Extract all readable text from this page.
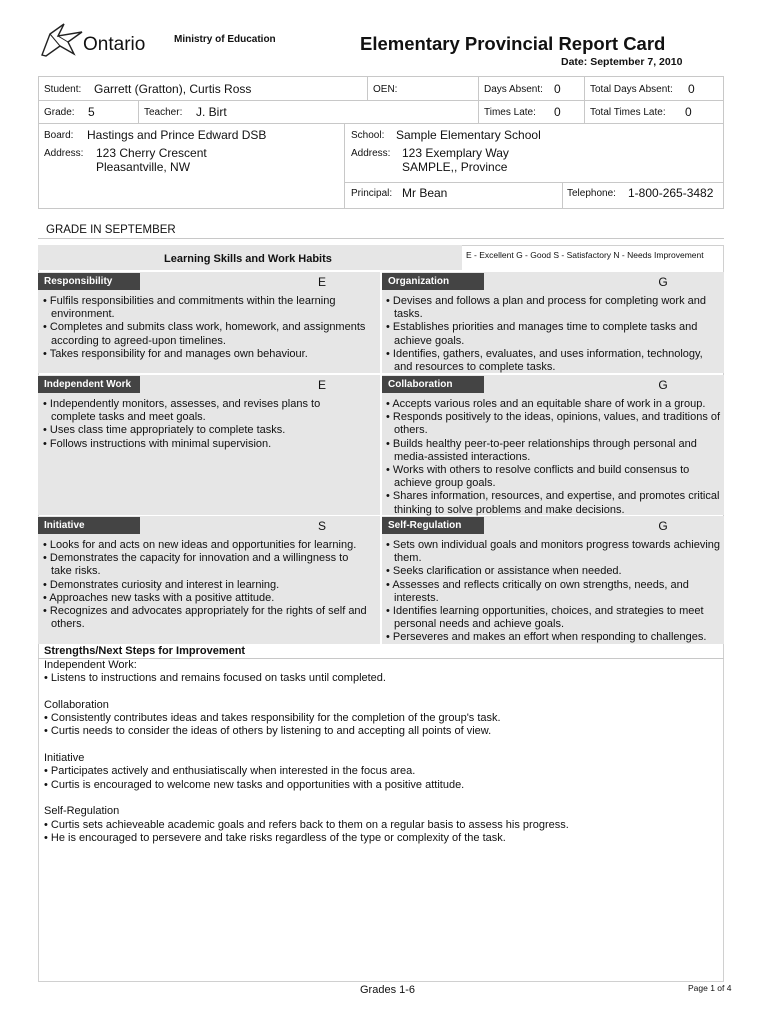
Ontario	Ministry of Education	Elementary Provincial Report Card
Date: September 7, 2010
Student: Garrett (Gratton), Curtis Ross	OEN:	Days Absent: 0	Total Days Absent: 0
Grade: 5	Teacher: J. Birt	Times Late: 0	Total Times Late: 0
Board: Hastings and Prince Edward DSB	School: Sample Elementary School
Address: 123 Cherry Crescent
Pleasantville, NW
Address: 123 Exemplary Way
SAMPLE,, Province
Principal: Mr Bean	Telephone: 1-800-265-3482
GRADE IN SEPTEMBER
Learning Skills and Work Habits	E - Excellent G - Good S - Satisfactory N - Needs Improvement
Responsibility	E	Organization	G
• Fulfils responsibilities and commitments within the learning environment.
• Completes and submits class work, homework, and assignments according to agreed-upon timelines.
• Takes responsibility for and manages own behaviour.
• Devises and follows a plan and process for completing work and tasks.
• Establishes priorities and manages time to complete tasks and achieve goals.
• Identifies, gathers, evaluates, and uses information, technology, and resources to complete tasks.
Independent Work	E	Collaboration	G
• Independently monitors, assesses, and revises plans to complete tasks and meet goals.
• Uses class time appropriately to complete tasks.
• Follows instructions with minimal supervision.
• Accepts various roles and an equitable share of work in a group.
• Responds positively to the ideas, opinions, values, and traditions of others.
• Builds healthy peer-to-peer relationships through personal and media-assisted interactions.
• Works with others to resolve conflicts and build consensus to achieve group goals.
• Shares information, resources, and expertise, and promotes critical thinking to solve problems and make decisions.
Initiative	S	Self-Regulation	G
• Looks for and acts on new ideas and opportunities for learning.
• Demonstrates the capacity for innovation and a willingness to take risks.
• Demonstrates curiosity and interest in learning.
• Approaches new tasks with a positive attitude.
• Recognizes and advocates appropriately for the rights of self and others.
• Sets own individual goals and monitors progress towards achieving them.
• Seeks clarification or assistance when needed.
• Assesses and reflects critically on own strengths, needs, and interests.
• Identifies learning opportunities, choices, and strategies to meet personal needs and achieve goals.
• Perseveres and makes an effort when responding to challenges.
Strengths/Next Steps for Improvement

Independent Work:

• Listens to instructions and remains focused on tasks until completed.

Collaboration

• Consistently contributes ideas and takes responsibility for the completion of the group's task.

• Curtis needs to consider the ideas of others by listening to and accepting all points of view.

Initiative

• Participates actively and enthusiatiscally when interested in the focus area.

• Curtis is encouraged to welcome new tasks and opportunities with a positive attitude.

Self-Regulation

• Curtis sets achieveable academic goals and refers back to them on a regular basis to assess his progress.

• He is encouraged to persevere and take risks regardless of the type or complexity of the task.

Grades 1-6	Page 1 of 4
